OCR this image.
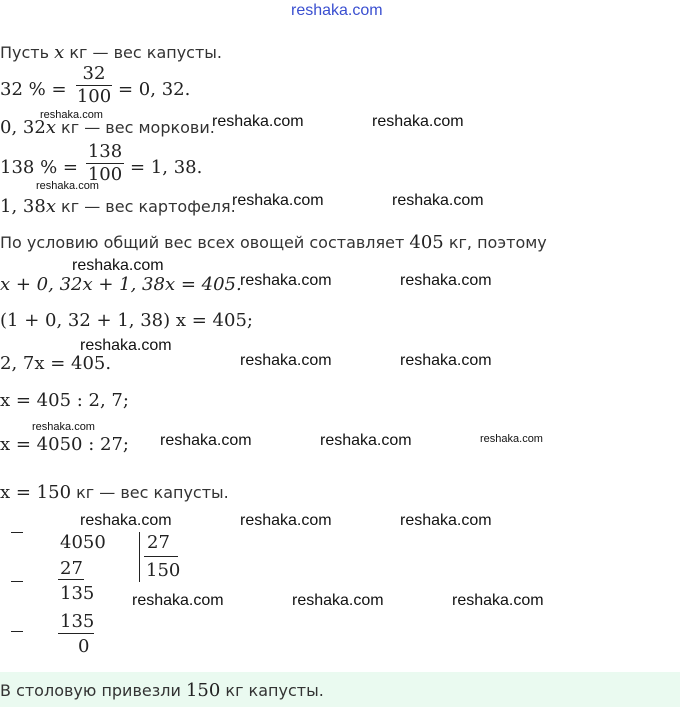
reshaka.com
Пусть x кг — вес капусты.
32 % =
32
100 = 0, 32.
reshaka.com
0, 32x кг — вес моркови.
reshaka.com	reshaka.com
138 % =
138
100 = 1, 38.
reshaka.com
1, 38x кг — вес картофеля.
reshaka.com	reshaka.com
По условию общий вес всех овощей составляет 405 кг, поэтому
reshaka.com
x + 0, 32x + 1, 38x = 405.
reshaka.com	reshaka.com
(1 + 0, 32 + 1, 38) x = 405;
reshaka.com
2, 7x = 405.	reshaka.com	reshaka.com
x = 405 : 2, 7;
reshaka.com
x = 4050 : 27; reshaka.com	reshaka.com	reshaka.com
x = 150 кг — вес капусты.
4050
27
135
135
0
27
150
reshaka.com	reshaka.com	reshaka.com
reshaka.com	reshaka.com	reshaka.com
В столовую привезли 150 кг капусты.
